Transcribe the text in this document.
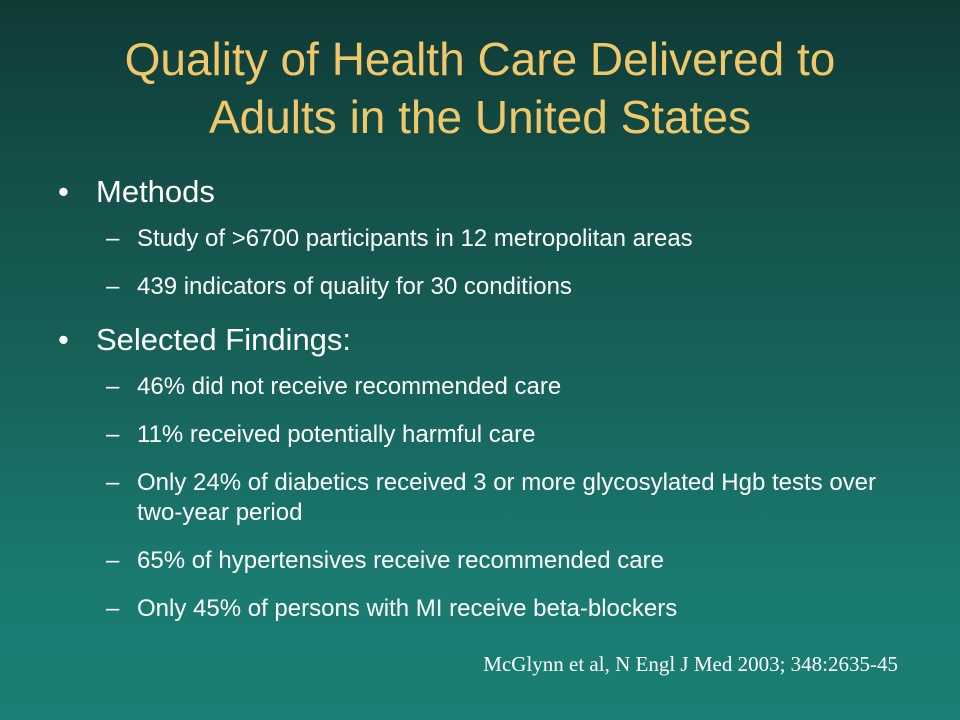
Quality of Health Care Delivered to
Adults in the United States
• Methods
– Study of >6700 participants in 12 metropolitan areas
– 439 indicators of quality for 30 conditions
• Selected Findings:
– 46% did not receive recommended care
– 11% received potentially harmful care
– Only 24% of diabetics received 3 or more glycosylated Hgb tests over two-year period
– 65% of hypertensives receive recommended care
– Only 45% of persons with MI receive beta-blockers
McGlynn et al, N Engl J Med 2003; 348:2635-45
